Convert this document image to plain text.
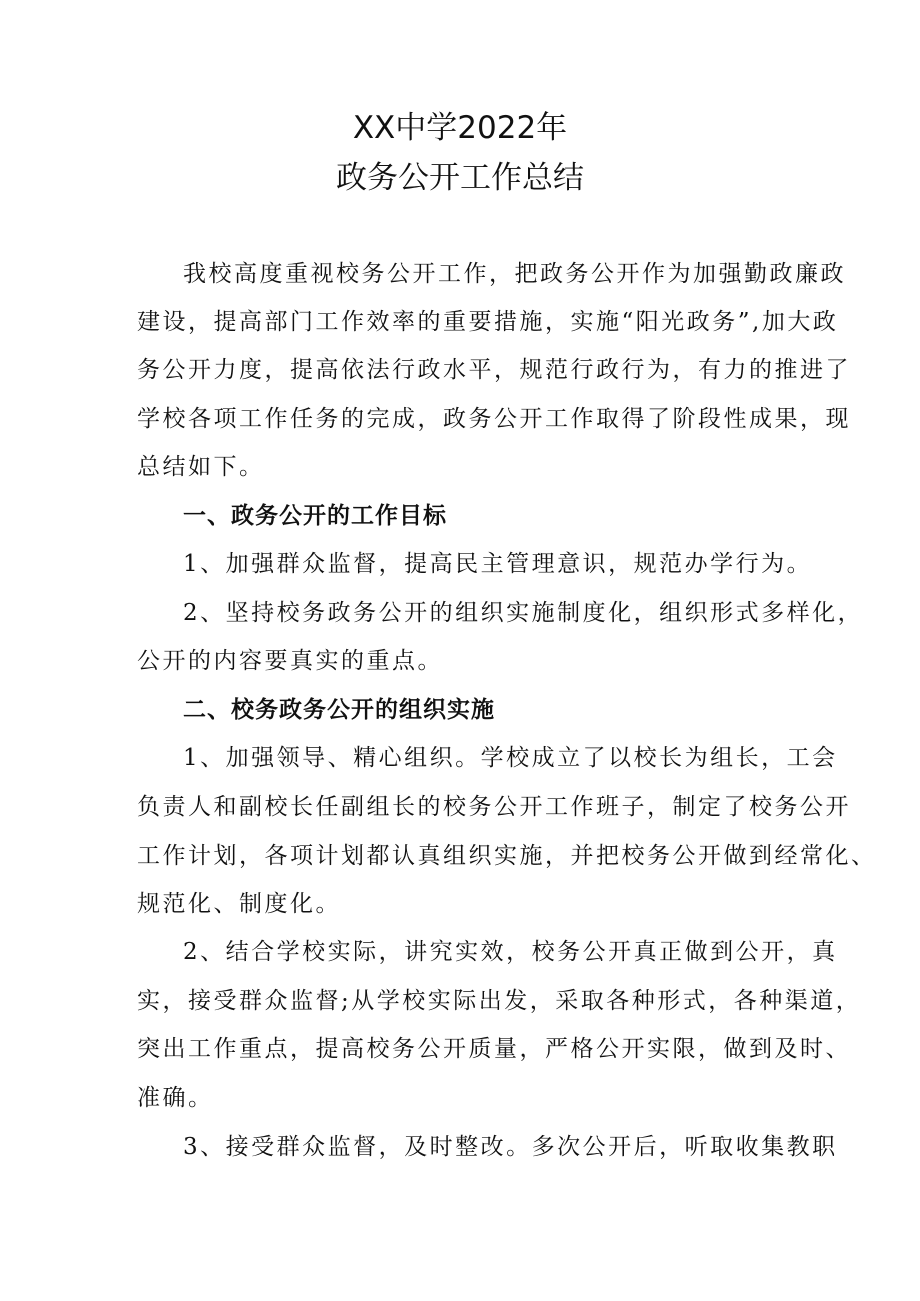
XX中学2022年
政务公开工作总结
我校高度重视校务公开工作，把政务公开作为加强勤政廉政
建设，提高部门工作效率的重要措施，实施“阳光政务”,加大政
务公开力度，提高依法行政水平，规范行政行为，有力的推进了
学校各项工作任务的完成，政务公开工作取得了阶段性成果，现
总结如下。
一、政务公开的工作目标
1、加强群众监督，提高民主管理意识，规范办学行为。
2、坚持校务政务公开的组织实施制度化，组织形式多样化，
公开的内容要真实的重点。
二、校务政务公开的组织实施
1、加强领导、精心组织。学校成立了以校长为组长，工会
负责人和副校长任副组长的校务公开工作班子，制定了校务公开
工作计划，各项计划都认真组织实施，并把校务公开做到经常化、
规范化、制度化。
2、结合学校实际，讲究实效，校务公开真正做到公开，真
实，接受群众监督;从学校实际出发，采取各种形式，各种渠道，
突出工作重点，提高校务公开质量，严格公开实限，做到及时、
准确。
3、接受群众监督，及时整改。多次公开后，听取收集教职
